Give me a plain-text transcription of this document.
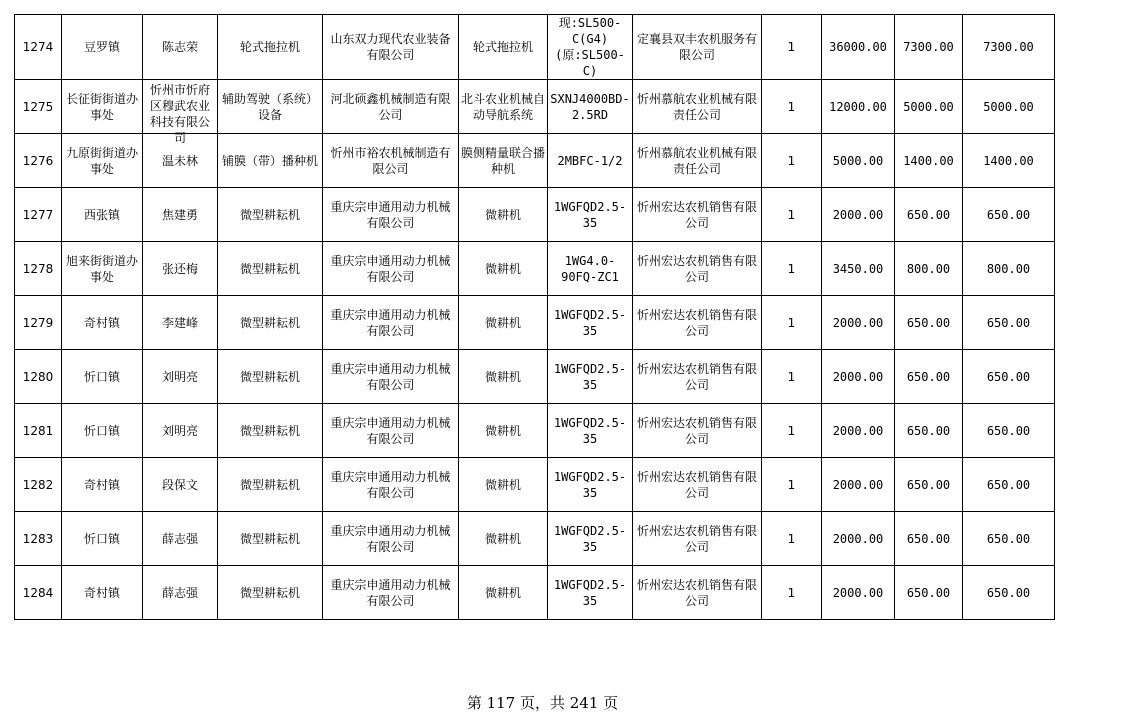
1274	豆罗镇	陈志荣	轮式拖拉机	山东双力现代农业装备有限公司	轮式拖拉机	现:SL500-C(G4)(原:SL500-C)	定襄县双丰农机服务有限公司	1	36000.00	7300.00	7300.00
1275	长征街街道办事处	忻州市忻府区穆武农业科技有限公司	辅助驾驶（系统）设备	河北硕鑫机械制造有限公司	北斗农业机械自动导航系统	SXNJ4000BD-2.5RD	忻州慕航农业机械有限责任公司	1	12000.00	5000.00	5000.00
1276	九原街街道办事处	温未林	铺膜（带）播种机	忻州市裕农机械制造有限公司	膜侧精量联合播种机	2MBFC-1/2	忻州慕航农业机械有限责任公司	1	5000.00	1400.00	1400.00
1277	西张镇	焦建勇	微型耕耘机	重庆宗申通用动力机械有限公司	微耕机	1WGFQD2.5-35	忻州宏达农机销售有限公司	1	2000.00	650.00	650.00
1278	旭来街街道办事处	张还梅	微型耕耘机	重庆宗申通用动力机械有限公司	微耕机	1WG4.0-90FQ-ZC1	忻州宏达农机销售有限公司	1	3450.00	800.00	800.00
1279	奇村镇	李建峰	微型耕耘机	重庆宗申通用动力机械有限公司	微耕机	1WGFQD2.5-35	忻州宏达农机销售有限公司	1	2000.00	650.00	650.00
1280	忻口镇	刘明亮	微型耕耘机	重庆宗申通用动力机械有限公司	微耕机	1WGFQD2.5-35	忻州宏达农机销售有限公司	1	2000.00	650.00	650.00
1281	忻口镇	刘明亮	微型耕耘机	重庆宗申通用动力机械有限公司	微耕机	1WGFQD2.5-35	忻州宏达农机销售有限公司	1	2000.00	650.00	650.00
1282	奇村镇	段保文	微型耕耘机	重庆宗申通用动力机械有限公司	微耕机	1WGFQD2.5-35	忻州宏达农机销售有限公司	1	2000.00	650.00	650.00
1283	忻口镇	薛志强	微型耕耘机	重庆宗申通用动力机械有限公司	微耕机	1WGFQD2.5-35	忻州宏达农机销售有限公司	1	2000.00	650.00	650.00
1284	奇村镇	薛志强	微型耕耘机	重庆宗申通用动力机械有限公司	微耕机	1WGFQD2.5-35	忻州宏达农机销售有限公司	1	2000.00	650.00	650.00
第 117 页，共 241 页
